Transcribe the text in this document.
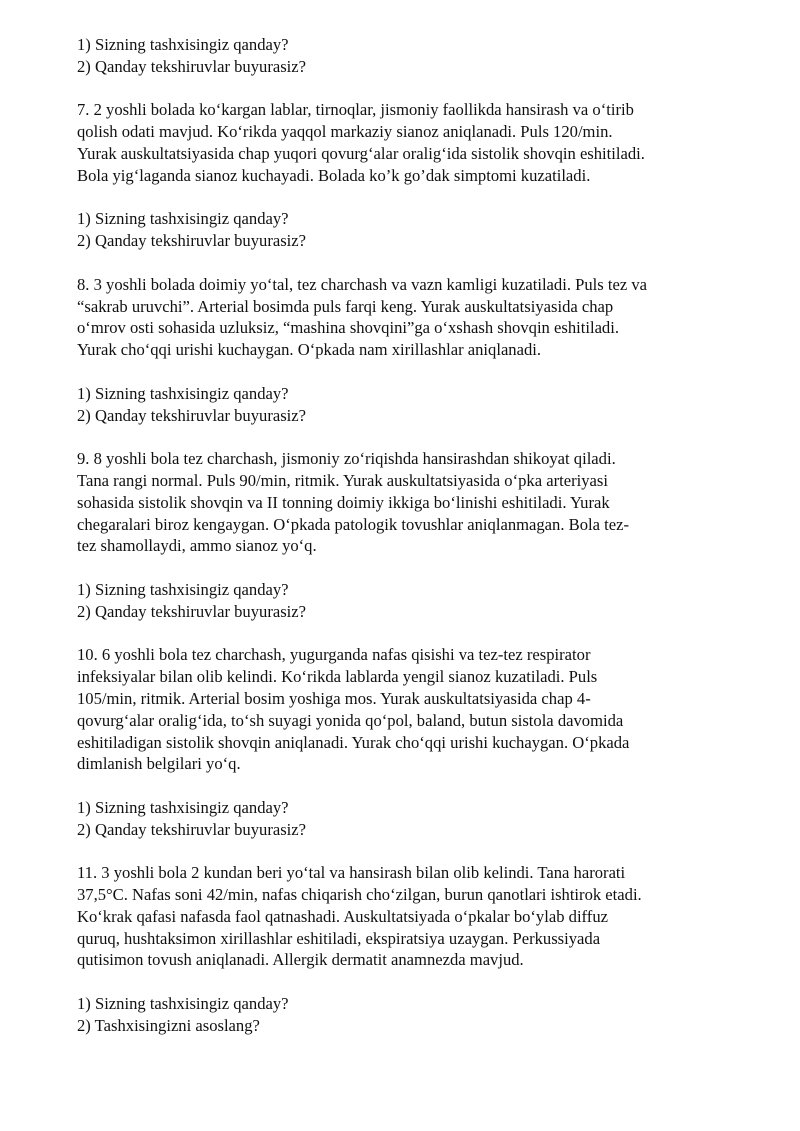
1) Sizning tashxisingiz qanday?

2) Qanday tekshiruvlar buyurasiz?

7. 2 yoshli bolada ko‘kargan lablar, tirnoqlar, jismoniy faollikda hansirash va o‘tirib
qolish odati mavjud. Ko‘rikda yaqqol markaziy sianoz aniqlanadi. Puls 120/min.
Yurak auskultatsiyasida chap yuqori qovurg‘alar oralig‘ida sistolik shovqin eshitiladi.
Bola yig‘laganda sianoz kuchayadi. Bolada ko’k go’dak simptomi kuzatiladi.

1) Sizning tashxisingiz qanday?

2) Qanday tekshiruvlar buyurasiz?

8. 3 yoshli bolada doimiy yo‘tal, tez charchash va vazn kamligi kuzatiladi. Puls tez va
“sakrab uruvchi”. Arterial bosimda puls farqi keng. Yurak auskultatsiyasida chap
o‘mrov osti sohasida uzluksiz, “mashina shovqini”ga o‘xshash shovqin eshitiladi.
Yurak cho‘qqi urishi kuchaygan. O‘pkada nam xirillashlar aniqlanadi.

1) Sizning tashxisingiz qanday?

2) Qanday tekshiruvlar buyurasiz?

9. 8 yoshli bola tez charchash, jismoniy zo‘riqishda hansirashdan shikoyat qiladi.
Tana rangi normal. Puls 90/min, ritmik. Yurak auskultatsiyasida o‘pka arteriyasi
sohasida sistolik shovqin va II tonning doimiy ikkiga bo‘linishi eshitiladi. Yurak
chegaralari biroz kengaygan. O‘pkada patologik tovushlar aniqlanmagan. Bola tez-
tez shamollaydi, ammo sianoz yo‘q.

1) Sizning tashxisingiz qanday?

2) Qanday tekshiruvlar buyurasiz?

10. 6 yoshli bola tez charchash, yugurganda nafas qisishi va tez-tez respirator
infeksiyalar bilan olib kelindi. Ko‘rikda lablarda yengil sianoz kuzatiladi. Puls
105/min, ritmik. Arterial bosim yoshiga mos. Yurak auskultatsiyasida chap 4-
qovurg‘alar oralig‘ida, to‘sh suyagi yonida qo‘pol, baland, butun sistola davomida
eshitiladigan sistolik shovqin aniqlanadi. Yurak cho‘qqi urishi kuchaygan. O‘pkada
dimlanish belgilari yo‘q.

1) Sizning tashxisingiz qanday?

2) Qanday tekshiruvlar buyurasiz?

11. 3 yoshli bola 2 kundan beri yo‘tal va hansirash bilan olib kelindi. Tana harorati
37,5°C. Nafas soni 42/min, nafas chiqarish cho‘zilgan, burun qanotlari ishtirok etadi.
Ko‘krak qafasi nafasda faol qatnashadi. Auskultatsiyada o‘pkalar bo‘ylab diffuz
quruq, hushtaksimon xirillashlar eshitiladi, ekspiratsiya uzaygan. Perkussiyada
qutisimon tovush aniqlanadi. Allergik dermatit anamnezda mavjud.

1) Sizning tashxisingiz qanday?

2) Tashxisingizni asoslang?
